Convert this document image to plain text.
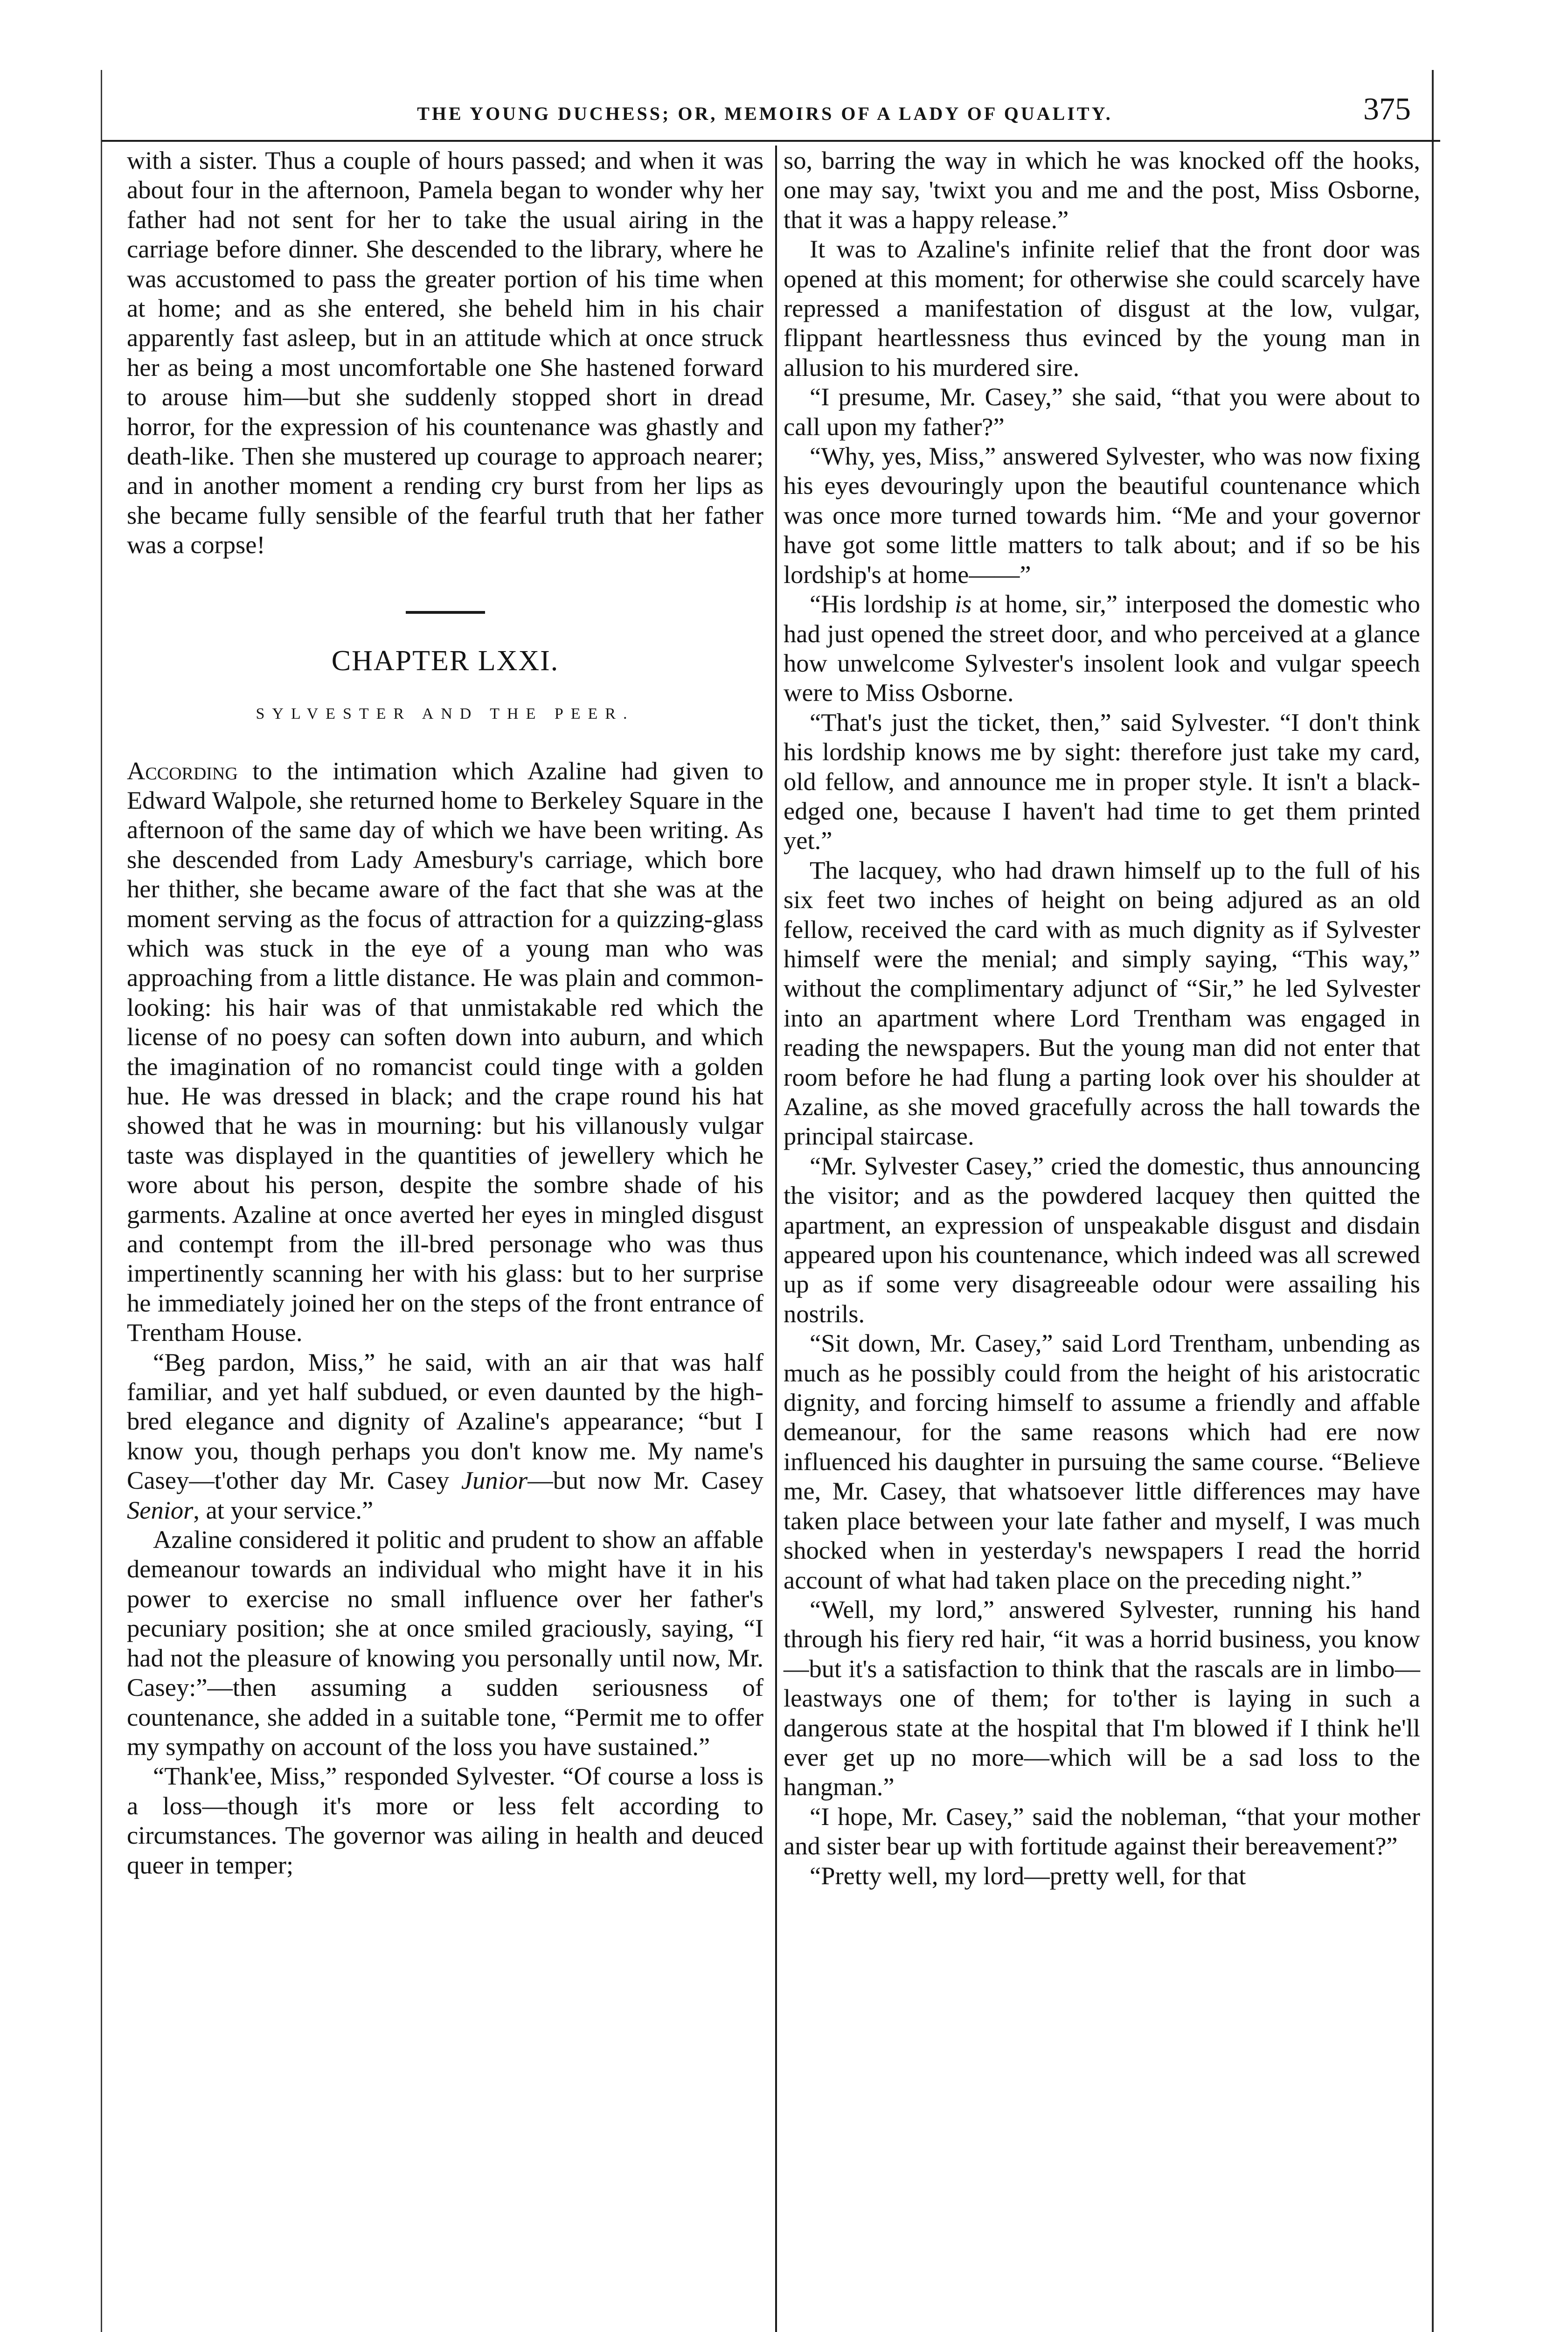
THE YOUNG DUCHESS; OR, MEMOIRS OF A LADY OF QUALITY.	375

with a sister. Thus a couple of hours passed; and when it was about four in the afternoon, Pamela began to wonder why her father had not sent for her to take the usual airing in the carriage before dinner. She descended to the library, where he was accustomed to pass the greater portion of his time when at home; and as she entered, she beheld him in his chair apparently fast asleep, but in an attitude which at once struck her as being a most uncomfortable one She hastened forward to arouse him—but she suddenly stopped short in dread horror, for the expression of his countenance was ghastly and death-like. Then she mustered up courage to approach nearer; and in another moment a rending cry burst from her lips as she became fully sensible of the fearful truth that her father was a corpse!

CHAPTER LXXI.
SYLVESTER AND THE PEER.

According to the intimation which Azaline had given to Edward Walpole, she returned home to Berkeley Square in the afternoon of the same day of which we have been writing. As she descended from Lady Amesbury's carriage, which bore her thither, she became aware of the fact that she was at the moment serving as the focus of attraction for a quizzing-glass which was stuck in the eye of a young man who was approaching from a little distance. He was plain and common-looking: his hair was of that unmistakable red which the license of no poesy can soften down into auburn, and which the imagination of no romancist could tinge with a golden hue. He was dressed in black; and the crape round his hat showed that he was in mourning: but his villanously vulgar taste was displayed in the quantities of jewellery which he wore about his person, despite the sombre shade of his garments. Azaline at once averted her eyes in mingled disgust and contempt from the ill-bred personage who was thus impertinently scanning her with his glass: but to her surprise he immediately joined her on the steps of the front entrance of Trentham House.

“Beg pardon, Miss,” he said, with an air that was half familiar, and yet half subdued, or even daunted by the high-bred elegance and dignity of Azaline's appearance; “but I know you, though perhaps you don't know me. My name's Casey—t'other day Mr. Casey Junior—but now Mr. Casey Senior, at your service.”

Azaline considered it politic and prudent to show an affable demeanour towards an individual who might have it in his power to exercise no small influence over her father's pecuniary position; she at once smiled graciously, saying, “I had not the pleasure of knowing you personally until now, Mr. Casey:”—then assuming a sudden seriousness of countenance, she added in a suitable tone, “Permit me to offer my sympathy on account of the loss you have sustained.”

“Thank'ee, Miss,” responded Sylvester. “Of course a loss is a loss—though it's more or less felt according to circumstances. The governor was ailing in health and deuced queer in temper;

so, barring the way in which he was knocked off the hooks, one may say, 'twixt you and me and the post, Miss Osborne, that it was a happy release.”

It was to Azaline's infinite relief that the front door was opened at this moment; for otherwise she could scarcely have repressed a manifestation of disgust at the low, vulgar, flippant heartlessness thus evinced by the young man in allusion to his murdered sire.

“I presume, Mr. Casey,” she said, “that you were about to call upon my father?”

“Why, yes, Miss,” answered Sylvester, who was now fixing his eyes devouringly upon the beautiful countenance which was once more turned towards him. “Me and your governor have got some little matters to talk about; and if so be his lordship's at home——”

“His lordship is at home, sir,” interposed the domestic who had just opened the street door, and who perceived at a glance how unwelcome Sylvester's insolent look and vulgar speech were to Miss Osborne.

“That's just the ticket, then,” said Sylvester. “I don't think his lordship knows me by sight: therefore just take my card, old fellow, and announce me in proper style. It isn't a black-edged one, because I haven't had time to get them printed yet.”

The lacquey, who had drawn himself up to the full of his six feet two inches of height on being adjured as an old fellow, received the card with as much dignity as if Sylvester himself were the menial; and simply saying, “This way,” without the complimentary adjunct of “Sir,” he led Sylvester into an apartment where Lord Trentham was engaged in reading the newspapers. But the young man did not enter that room before he had flung a parting look over his shoulder at Azaline, as she moved gracefully across the hall towards the principal staircase.

“Mr. Sylvester Casey,” cried the domestic, thus announcing the visitor; and as the powdered lacquey then quitted the apartment, an expression of unspeakable disgust and disdain appeared upon his countenance, which indeed was all screwed up as if some very disagreeable odour were assailing his nostrils.

“Sit down, Mr. Casey,” said Lord Trentham, unbending as much as he possibly could from the height of his aristocratic dignity, and forcing himself to assume a friendly and affable demeanour, for the same reasons which had ere now influenced his daughter in pursuing the same course. “Believe me, Mr. Casey, that whatsoever little differences may have taken place between your late father and myself, I was much shocked when in yesterday's newspapers I read the horrid account of what had taken place on the preceding night.”

“Well, my lord,” answered Sylvester, running his hand through his fiery red hair, “it was a horrid business, you know—but it's a satisfaction to think that the rascals are in limbo—leastways one of them; for to'ther is laying in such a dangerous state at the hospital that I'm blowed if I think he'll ever get up no more—which will be a sad loss to the hangman.”

“I hope, Mr. Casey,” said the nobleman, “that your mother and sister bear up with fortitude against their bereavement?”

“Pretty well, my lord—pretty well, for that
